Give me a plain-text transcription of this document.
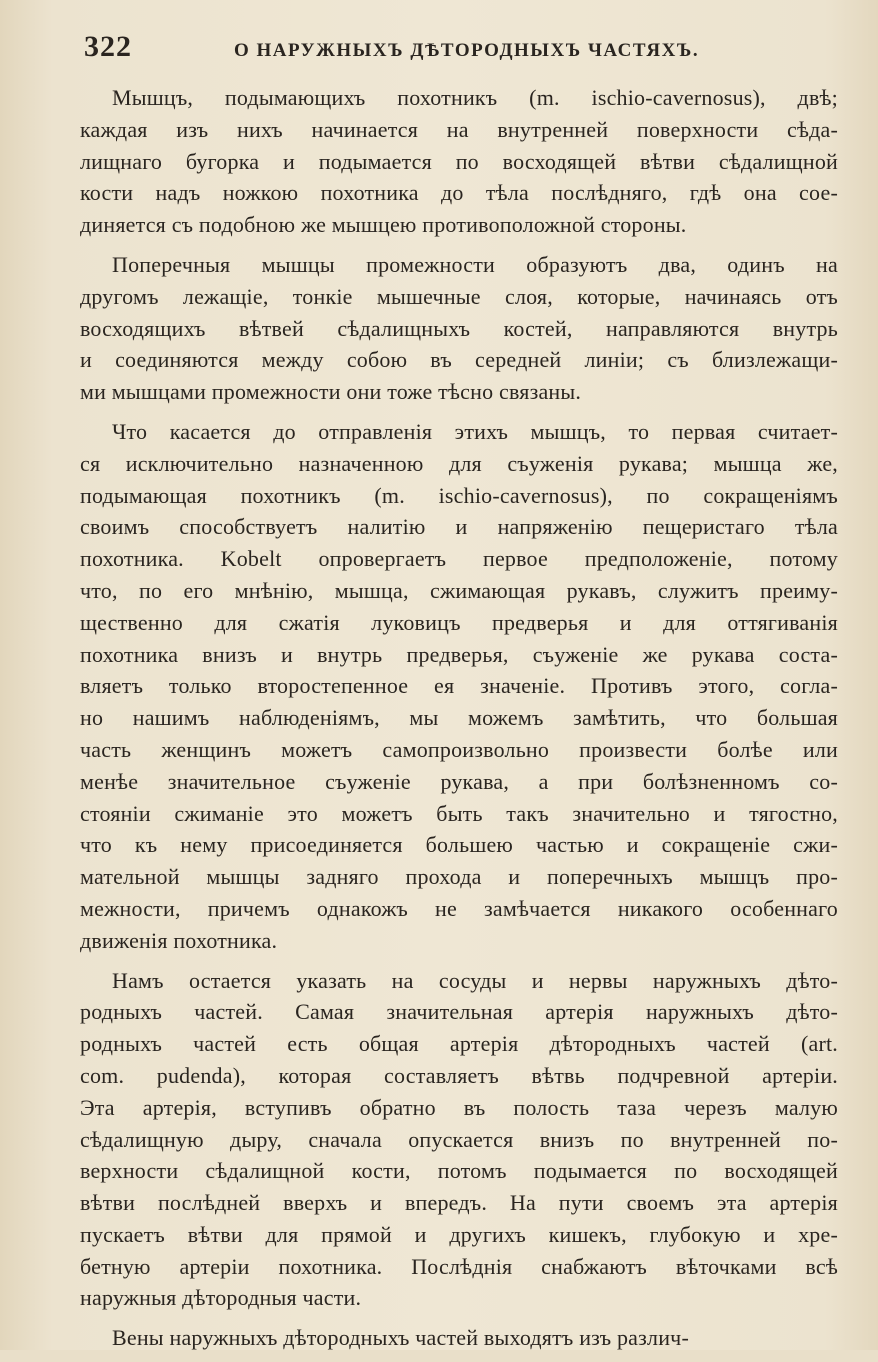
322	О НАРУЖНЫХЪ ДѢТОРОДНЫХЪ ЧАСТЯХЪ.
Мышцъ, подымающихъ похотникъ (m. ischio-cavernosus), двѣ;
каждая изъ нихъ начинается на внутренней поверхности сѣда-
лищнаго бугорка и подымается по восходящей вѣтви сѣдалищной
кости надъ ножкою похотника до тѣла послѣдняго, гдѣ она сое-
диняется съ подобною же мышцею противоположной стороны.
Поперечныя мышцы промежности образуютъ два, одинъ на
другомъ лежащіе, тонкіе мышечные слоя, которые, начинаясь отъ
восходящихъ вѣтвей сѣдалищныхъ костей, направляются внутрь
и соединяются между собою въ середней линіи; съ близлежащи-
ми мышцами промежности они тоже тѣсно связаны.
Что касается до отправленія этихъ мышцъ, то первая считает-
ся исключительно назначенною для съуженія рукава; мышца же,
подымающая похотникъ (m. ischio-cavernosus), по сокращеніямъ
своимъ способствуетъ налитію и напряженію пещеристаго тѣла
похотника. Kobelt опровергаетъ первое предположеніе, потому
что, по его мнѣнію, мышца, сжимающая рукавъ, служитъ преиму-
щественно для сжатія луковицъ предверья и для оттягиванія
похотника внизъ и внутрь предверья, съуженіе же рукава соста-
вляетъ только второстепенное ея значеніе. Противъ этого, согла-
но нашимъ наблюденіямъ, мы можемъ замѣтить, что большая
часть женщинъ можетъ самопроизвольно произвести болѣе или
менѣе значительное съуженіе рукава, а при болѣзненномъ со-
стояніи сжиманіе это можетъ быть такъ значительно и тягостно,
что къ нему присоединяется большею частью и сокращеніе сжи-
мательной мышцы задняго прохода и поперечныхъ мышцъ про-
межности, причемъ однакожъ не замѣчается никакого особеннаго
движенія похотника.
Намъ остается указать на сосуды и нервы наружныхъ дѣто-
родныхъ частей. Самая значительная артерія наружныхъ дѣто-
родныхъ частей есть общая артерія дѣтородныхъ частей (art.
com. pudenda), которая составляетъ вѣтвь подчревной артеріи.
Эта артерія, вступивъ обратно въ полость таза черезъ малую
сѣдалищную дыру, сначала опускается внизъ по внутренней по-
верхности сѣдалищной кости, потомъ подымается по восходящей
вѣтви послѣдней вверхъ и впередъ. На пути своемъ эта артерія
пускаетъ вѣтви для прямой и другихъ кишекъ, глубокую и хре-
бетную артеріи похотника. Послѣднія снабжаютъ вѣточками всѣ
наружныя дѣтородныя части.
Вены наружныхъ дѣтородныхъ частей выходятъ изъ различ-
